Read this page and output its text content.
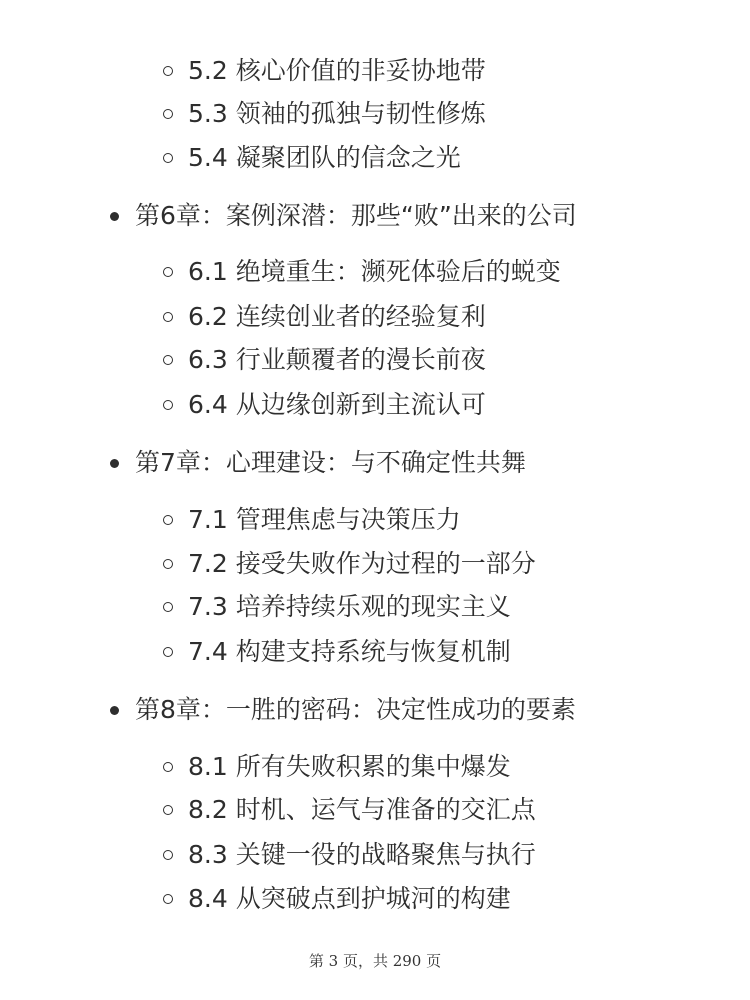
5.2 核心价值的非妥协地带
5.3 领袖的孤独与韧性修炼
5.4 凝聚团队的信念之光
第6章：案例深潜：那些“败”出来的公司
6.1 绝境重生：濒死体验后的蜕变
6.2 连续创业者的经验复利
6.3 行业颠覆者的漫长前夜
6.4 从边缘创新到主流认可
第7章：心理建设：与不确定性共舞
7.1 管理焦虑与决策压力
7.2 接受失败作为过程的一部分
7.3 培养持续乐观的现实主义
7.4 构建支持系统与恢复机制
第8章：一胜的密码：决定性成功的要素
8.1 所有失败积累的集中爆发
8.2 时机、运气与准备的交汇点
8.3 关键一役的战略聚焦与执行
8.4 从突破点到护城河的构建
第 3 页，共 290 页
